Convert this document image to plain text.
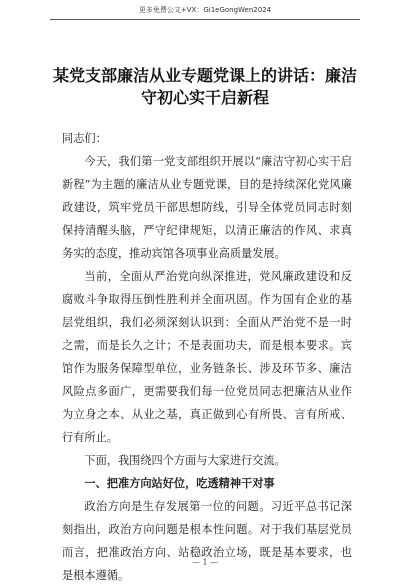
更多免费公文+VX：Gi1eGongWen2024
某党支部廉洁从业专题党课上的讲话：廉洁守初心实干启新程

同志们：

今天，我们第一党支部组织开展以“廉洁守初心实干启新程”为主题的廉洁从业专题党课，目的是持续深化党风廉政建设，筑牢党员干部思想防线，引导全体党员同志时刻保持清醒头脑，严守纪律规矩，以清正廉洁的作风、求真务实的态度，推动宾馆各项事业高质量发展。

当前，全面从严治党向纵深推进，党风廉政建设和反腐败斗争取得压倒性胜利并全面巩固。作为国有企业的基层党组织，我们必须深刻认识到：全面从严治党不是一时之需，而是长久之计；不是表面功夫，而是根本要求。宾馆作为服务保障型单位，业务链条长、涉及环节多、廉洁风险点多面广，更需要我们每一位党员同志把廉洁从业作为立身之本、从业之基，真正做到心有所畏、言有所戒、行有所止。

下面，我围绕四个方面与大家进行交流。

一、把准方向站好位，吃透精神干对事

政治方向是生存发展第一位的问题。习近平总书记深刻指出，政治方向问题是根本性问题。对于我们基层党员而言，把准政治方向、站稳政治立场，既是基本要求，也是根本遵循。

— 1 —
